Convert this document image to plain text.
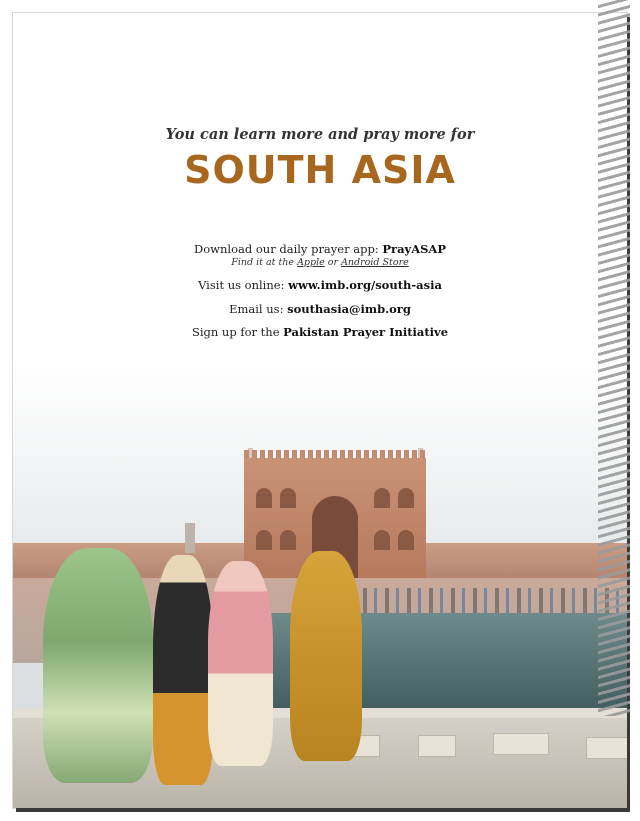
You can learn more and pray more for
SOUTH ASIA
Download our daily prayer app: PrayASAP
Find it at the Apple or Android Store
Visit us online: www.imb.org/south-asia
Email us: southasia@imb.org
Sign up for the Pakistan Prayer Initiative
